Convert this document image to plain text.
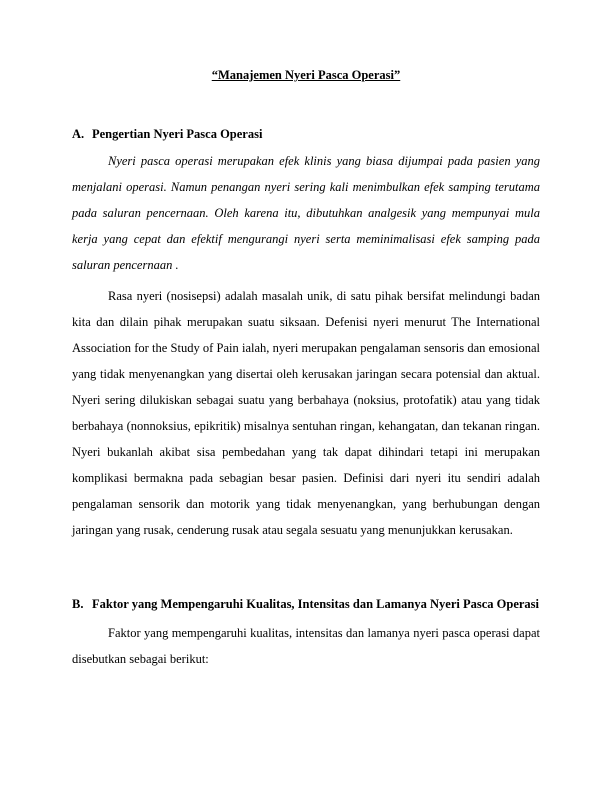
“Manajemen Nyeri Pasca Operasi”
A. Pengertian Nyeri Pasca Operasi

Nyeri pasca operasi merupakan efek klinis yang biasa dijumpai pada pasien yang menjalani operasi. Namun penangan nyeri sering kali menimbulkan efek samping terutama pada saluran pencernaan. Oleh karena itu, dibutuhkan analgesik yang mempunyai mula kerja yang cepat dan efektif mengurangi nyeri serta meminimalisasi efek samping pada saluran pencernaan .

Rasa nyeri (nosisepsi) adalah masalah unik, di satu pihak bersifat melindungi badan kita dan dilain pihak merupakan suatu siksaan. Defenisi nyeri menurut The International Association for the Study of Pain ialah, nyeri merupakan pengalaman sensoris dan emosional yang tidak menyenangkan yang disertai oleh kerusakan jaringan secara potensial dan aktual. Nyeri sering dilukiskan sebagai suatu yang berbahaya (noksius, protofatik) atau yang tidak berbahaya (nonnoksius, epikritik) misalnya sentuhan ringan, kehangatan, dan tekanan ringan. Nyeri bukanlah akibat sisa pembedahan yang tak dapat dihindari tetapi ini merupakan komplikasi bermakna pada sebagian besar pasien. Definisi dari nyeri itu sendiri adalah pengalaman sensorik dan motorik yang tidak menyenangkan, yang berhubungan dengan jaringan yang rusak, cenderung rusak atau segala sesuatu yang menunjukkan kerusakan.

B. Faktor yang Mempengaruhi Kualitas, Intensitas dan Lamanya Nyeri Pasca Operasi

Faktor yang mempengaruhi kualitas, intensitas dan lamanya nyeri pasca operasi dapat disebutkan sebagai berikut:
